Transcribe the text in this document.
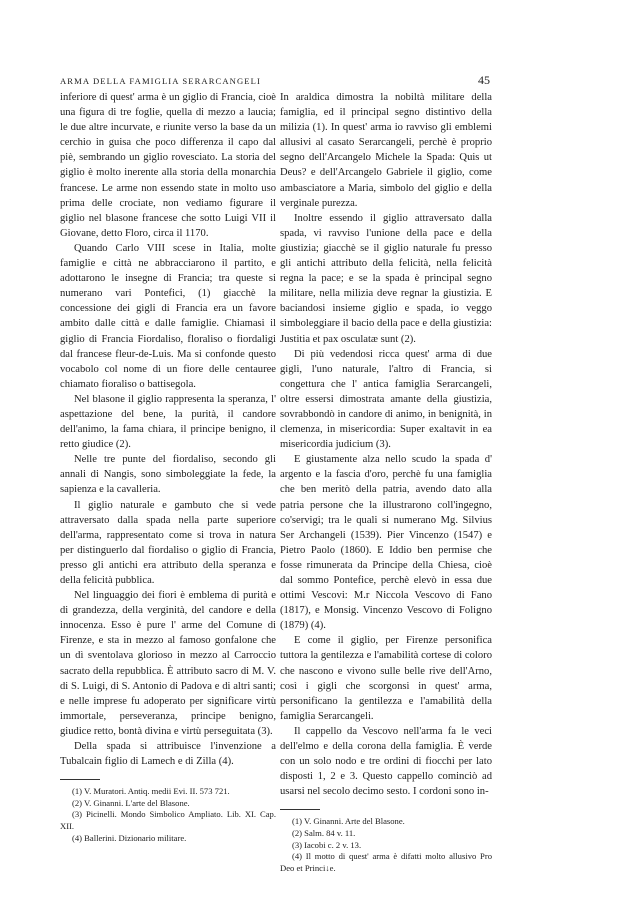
ARMA DELLA FAMIGLIA SERARCANGELI	45

inferiore di quest' arma è un giglio di Francia, cioè una figura di tre foglie, quella di mezzo a laucia; le due altre incurvate, e riunite verso la base da un cerchio in guisa che poco differenza il capo dal piè, sembrando un giglio rovesciato. La storia del giglio è molto inerente alla storia della monarchia francese. Le arme non essendo state in molto uso prima delle crociate, non vediamo figurare il giglio nel blasone francese che sotto Luigi VII il Giovane, detto Floro, circa il 1170.

Quando Carlo VIII scese in Italia, molte famiglie e città ne abbracciarono il partito, e adottarono le insegne di Francia; tra queste si numerano vari Pontefici, (1) giacchè la concessione dei gigli di Francia era un favore ambito dalle città e dalle famiglie. Chiamasi il giglio di Francia Fiordaliso, floraliso o fiordaligi dal francese fleur-de-Luis. Ma si confonde questo vocabolo col nome di un fiore delle centauree chiamato fioraliso o battisegola.

Nel blasone il giglio rappresenta la speranza, l' aspettazione del bene, la purità, il candore dell'animo, la fama chiara, il principe benigno, il retto giudice (2).

Nelle tre punte del fiordaliso, secondo gli annali di Nangis, sono simboleggiate la fede, la sapienza e la cavalleria.

Il giglio naturale e gambuto che si vede attraversato dalla spada nella parte superiore dell'arma, rappresentato come si trova in natura per distinguerlo dal fiordaliso o giglio di Francia, presso gli antichi era attributo della speranza e della felicità pubblica.

Nel linguaggio dei fiori è emblema di purità e di grandezza, della verginità, del candore e della innocenza. Esso è pure l' arme del Comune di Firenze, e sta in mezzo al famoso gonfalone che un dì sventolava glorioso in mezzo al Carroccio sacrato della repubblica. È attributo sacro di M. V. di S. Luigi, di S. Antonio di Padova e di altri santi; e nelle imprese fu adoperato per significare virtù immortale, perseveranza, principe benigno, giudice retto, bontà divina e virtù perseguitata (3).

Della spada si attribuisce l'invenzione a Tubalcain figlio di Lamech e di Zilla (4).

(1) V. Muratori. Antiq. medii Evi. II. 573 721.
(2) V. Ginanni. L'arte del Blasone.
(3) Picinelli. Mondo Simbolico Ampliato. Lib. XI. Cap. XII.
(4) Ballerini. Dizionario militare.

In araldica dimostra la nobiltà militare della famiglia, ed il principal segno distintivo della milizia (1). In quest' arma io ravviso gli emblemi allusivi al casato Serarcangeli, perchè è proprio segno dell'Arcangelo Michele la Spada: Quis ut Deus? e dell'Arcangelo Gabriele il giglio, come ambasciatore a Maria, simbolo del giglio e della verginale purezza.

Inoltre essendo il giglio attraversato dalla spada, vi ravviso l'unione della pace e della giustizia; giacchè se il giglio naturale fu presso gli antichi attributo della felicità, nella felicità regna la pace; e se la spada è principal segno militare, nella milizia deve regnar la giustizia. E baciandosi insieme giglio e spada, io veggo simboleggiare il bacio della pace e della giustizia: Justitia et pax osculatæ sunt (2).

Di più vedendosi ricca quest' arma di due gigli, l'uno naturale, l'altro di Francia, si congettura che l' antica famiglia Serarcangeli, oltre essersi dimostrata amante della giustizia, sovrabbondò in candore di animo, in benignità, in clemenza, in misericordia: Super exaltavit in ea misericordia judicium (3).

E giustamente alza nello scudo la spada d' argento e la fascia d'oro, perchè fu una famiglia che ben meritò della patria, avendo dato alla patria persone che la illustrarono coll'ingegno, co'servigi; tra le quali si numerano Mg. Silvius Ser Archangeli (1539). Pier Vincenzo (1547) e Pietro Paolo (1860). E Iddio ben permise che fosse rimunerata da Principe della Chiesa, cioè dal sommo Pontefice, perchè elevò in essa due ottimi Vescovi: M.r Niccola Vescovo di Fano (1817), e Monsig. Vincenzo Vescovo di Foligno (1879) (4).

E come il giglio, per Firenze personifica tuttora la gentilezza e l'amabilità cortese di coloro che nascono e vivono sulle belle rive dell'Arno, così i gigli che scorgonsi in quest' arma, personificano la gentilezza e l'amabilità della famiglia Serarcangeli.

Il cappello da Vescovo nell'arma fa le veci dell'elmo e della corona della famiglia. È verde con un solo nodo e tre ordini di fiocchi per lato disposti 1, 2 e 3. Questo cappello cominciò ad usarsi nel secolo decimo sesto. I cordoni sono in-

(1) V. Ginanni. Arte del Blasone.
(2) Salm. 84 v. 11.
(3) Iacobi c. 2 v. 13.
(4) Il motto di quest' arma è difatti molto allusivo Pro Deo et Princi↓e.
